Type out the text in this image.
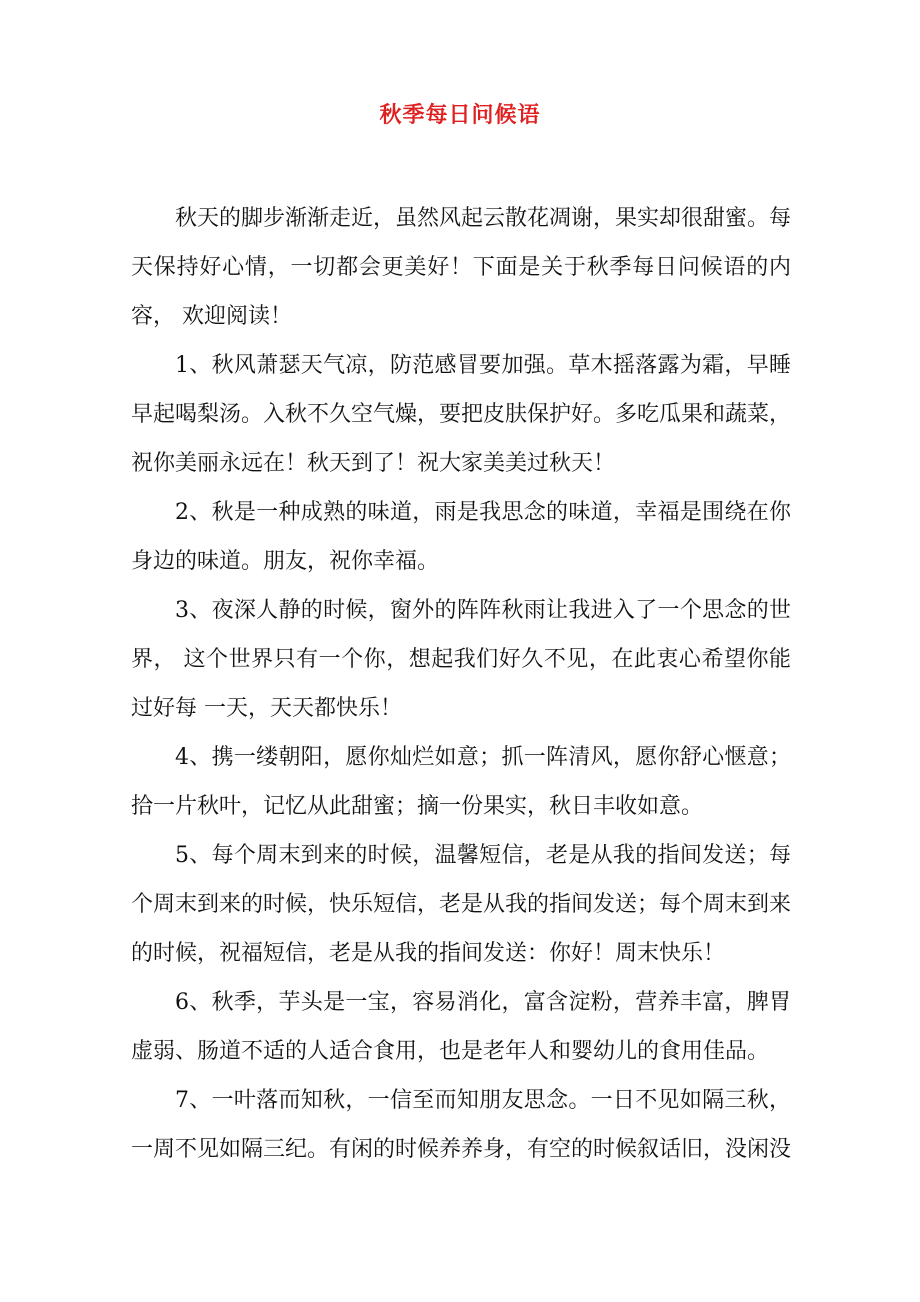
秋季每日问候语

秋天的脚步渐渐走近，虽然风起云散花凋谢，果实却很甜蜜。每天保持好心情，一切都会更美好！下面是关于秋季每日问候语的内容， 欢迎阅读！

1、秋风萧瑟天气凉，防范感冒要加强。草木摇落露为霜，早睡早起喝梨汤。入秋不久空气燥，要把皮肤保护好。多吃瓜果和蔬菜，祝你美丽永远在！秋天到了！祝大家美美过秋天！

2、秋是一种成熟的味道，雨是我思念的味道，幸福是围绕在你身边的味道。朋友，祝你幸福。

3、夜深人静的时候，窗外的阵阵秋雨让我进入了一个思念的世界， 这个世界只有一个你，想起我们好久不见，在此衷心希望你能过好每 一天，天天都快乐！

4、携一缕朝阳，愿你灿烂如意；抓一阵清风，愿你舒心惬意；拾一片秋叶，记忆从此甜蜜；摘一份果实，秋日丰收如意。

5、每个周末到来的时候，温馨短信，老是从我的指间发送；每个周末到来的时候，快乐短信，老是从我的指间发送；每个周末到来的时候，祝福短信，老是从我的指间发送：你好！周末快乐！

6、秋季，芋头是一宝，容易消化，富含淀粉，营养丰富，脾胃虚弱、肠道不适的人适合食用，也是老年人和婴幼儿的食用佳品。

7、一叶落而知秋，一信至而知朋友思念。一日不见如隔三秋，一周不见如隔三纪。有闲的时候养养身，有空的时候叙话旧，没闲没
